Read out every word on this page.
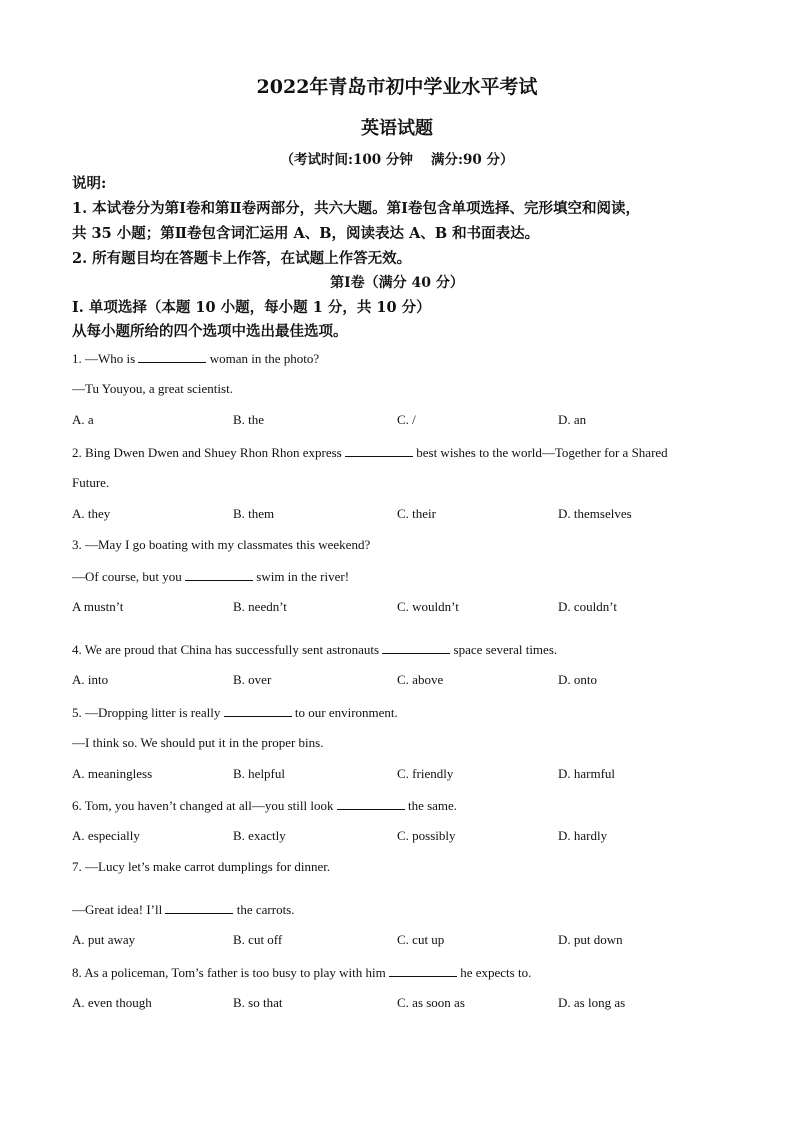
2022年青岛市初中学业水平考试
英语试题
（考试时间:100 分钟　 满分:90 分）
说明:
1. 本试卷分为第Ⅰ卷和第Ⅱ卷两部分，共六大题。第Ⅰ卷包含单项选择、完形填空和阅读，
共 35 小题；第Ⅱ卷包含词汇运用 A、B，阅读表达 A、B 和书面表达。
2. 所有题目均在答题卡上作答，在试题上作答无效。
第Ⅰ卷（满分 40 分）
I. 单项选择（本题 10 小题，每小题 1 分，共 10 分）
从每小题所给的四个选项中选出最佳选项。
1. —Who is	woman in the photo?
—Tu Youyou, a great scientist.
A. a	B. the	C. /	D. an
2. Bing Dwen Dwen and Shuey Rhon Rhon express	best wishes to the world—Together for a Shared
Future.
A. they	B. them	C. their	D. themselves
3. —May I go boating with my classmates this weekend?
—Of course, but you	swim in the river!
A mustn’t	B. needn’t	C. wouldn’t	D. couldn’t
4. We are proud that China has successfully sent astronauts	space several times.
A. into	B. over	C. above	D. onto
5. —Dropping litter is really	to our environment.
—I think so. We should put it in the proper bins.
A. meaningless	B. helpful	C. friendly	D. harmful
6. Tom, you haven’t changed at all—you still look	the same.
A. especially	B. exactly	C. possibly	D. hardly
7. —Lucy let’s make carrot dumplings for dinner.
—Great idea! I’ll	the carrots.
A. put away	B. cut off	C. cut up	D. put down
8. As a policeman, Tom’s father is too busy to play with him	he expects to.
A. even though	B. so that	C. as soon as	D. as long as
